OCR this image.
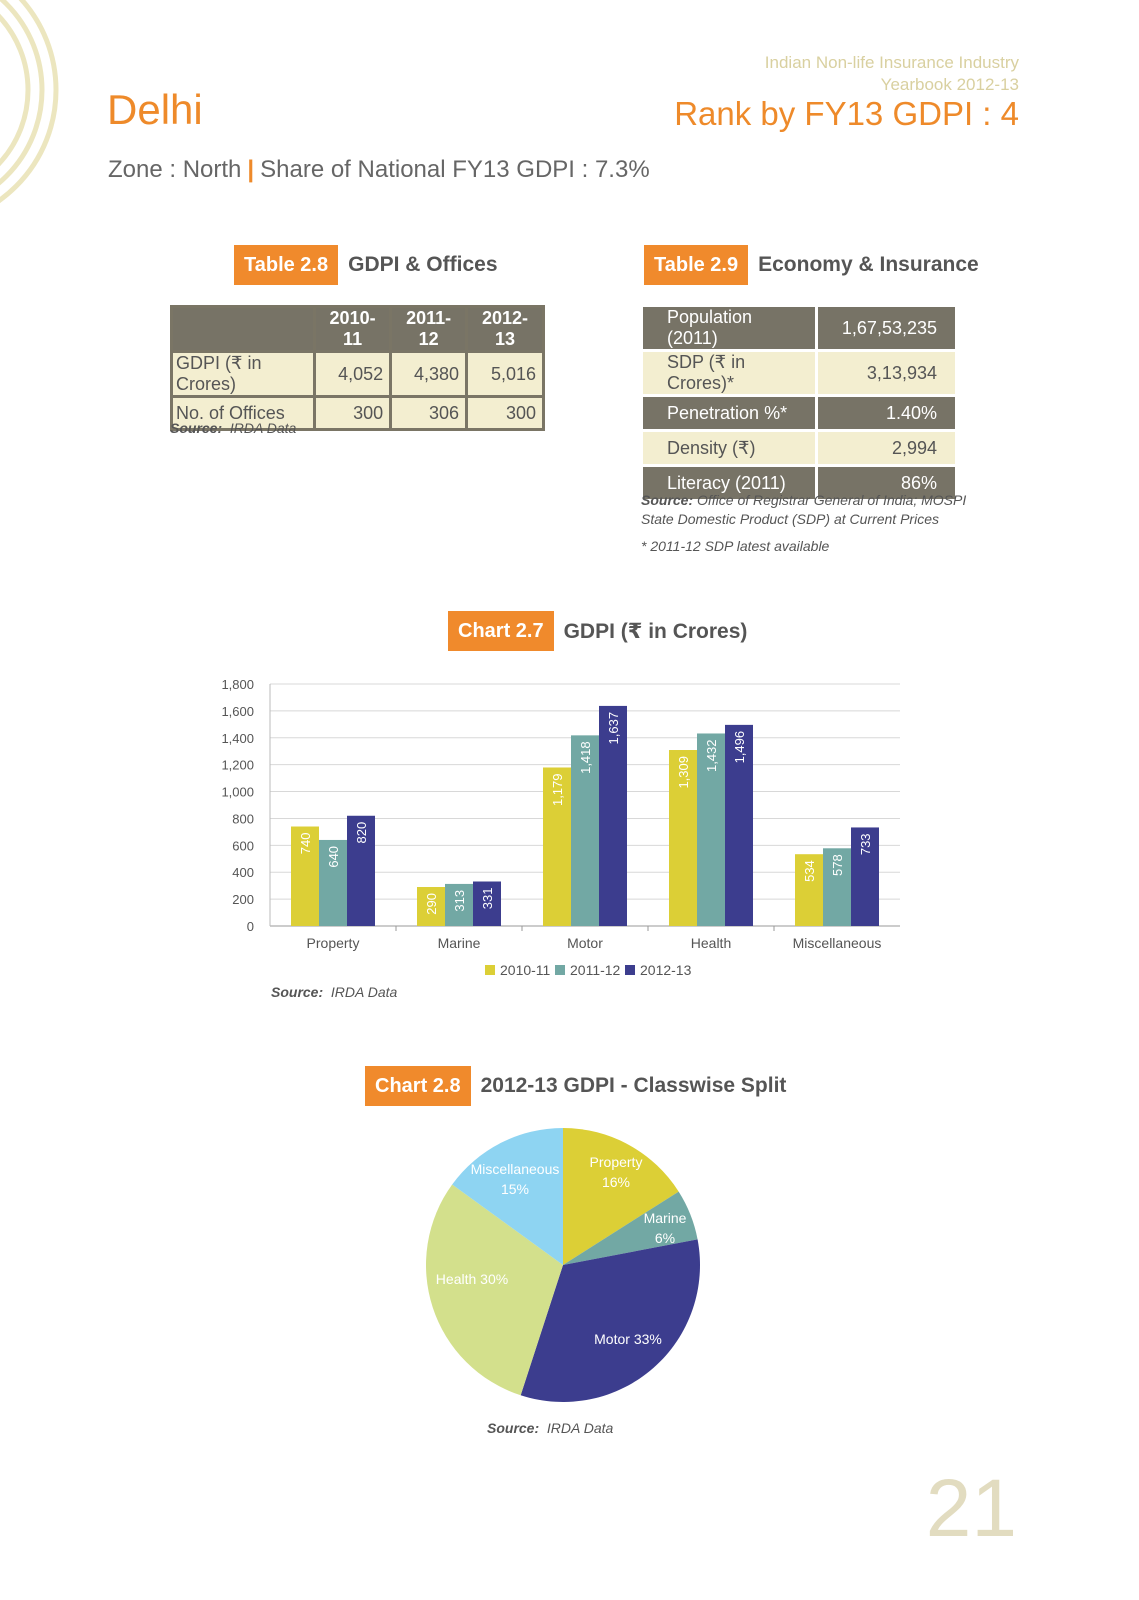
Indian Non-life Insurance Industry
Yearbook 2012-13
Delhi	Rank by FY13 GDPI : 4
Zone : North | Share of National FY13 GDPI : 7.3%
Table 2.8 GDPI & Offices
	2010-11	2011-12	2012-13
GDPI (₹ in Crores)	4,052	4,380	5,016
No. of Offices	300	306	300
Source: IRDA Data
Table 2.9 Economy & Insurance
Population (2011)	1,67,53,235
SDP (₹ in Crores)*	3,13,934
Penetration %*	1.40%
Density (₹)	2,994
Literacy (2011)	86%
Source: Office of Registrar General of India; MOSPI
State Domestic Product (SDP) at Current Prices
* 2011-12 SDP latest available
Chart 2.7 GDPI (₹ in Crores)
0
200
400
600
800
1,000
1,200
1,400
1,600
1,800
Property
740
640
820
Marine
290 313 331
Motor
1,179
1,418
1,637
Health
1,309
1,432 1,496
Miscellaneous
534 578
733
2010-11 2011-12 2012-13
Source: IRDA Data
Chart 2.8 2012-13 GDPI - Classwise Split
Property
16%
Marine
6%
Motor 33%
Health 30%
Miscellaneous
15%
Source: IRDA Data
21
